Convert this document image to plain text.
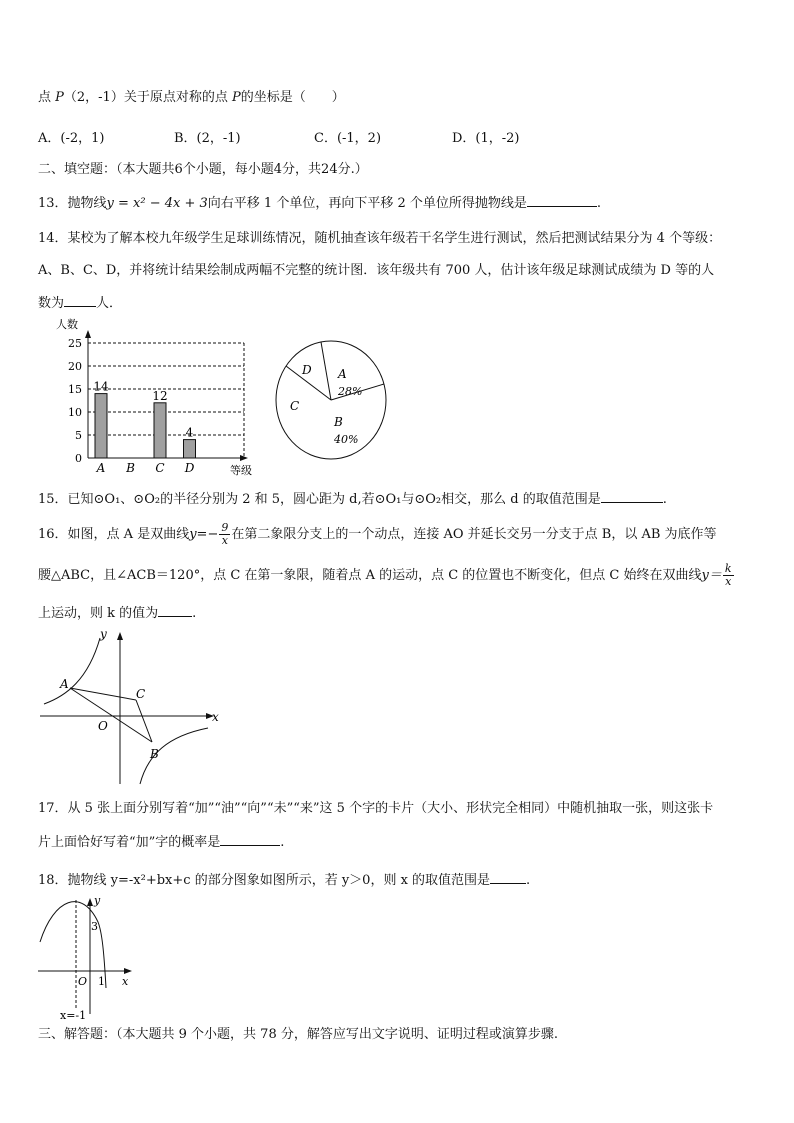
点 P（2，-1）关于原点对称的点 P的坐标是（　　）
A．(-2，1)	B．(2，-1)	C．(-1，2)	D．(1，-2)
二、填空题：（本大题共6个小题，每小题4分，共24分.）
13．抛物线y = x² − 4x + 3向右平移 1 个单位，再向下平移 2 个单位所得抛物线是	.
14．某校为了解本校九年级学生足球训练情况，随机抽查该年级若干名学生进行测试，然后把测试结果分为 4 个等级：
A、B、C、D，并将统计结果绘制成两幅不完整的统计图．该年级共有 700 人，估计该年级足球测试成绩为 D 等的人
数为 人．
人数
0
5
10
15
20
25
14
A B
12
C
4
D	等级
D A
28%
C
B
40%
15．已知⊙O₁、⊙O₂的半径分别为 2 和 5，圆心距为 d,若⊙O₁与⊙O₂相交，那么 d 的取值范围是	.
16．如图，点 A 是双曲线$y=- \frac{9}{x}$ 在第二象限分支上的一个动点，连接 AO 并延长交另一分支于点 B，以 AB 为底作等
腰△ABC，且∠ACB＝120°，点 C 在第一象限，随着点 A 的运动，点 C 的位置也不断变化，但点 C 始终在双曲线$y= \frac{k}{x}$
上运动，则 k 的值为	.
x
y
O
A
C
B
17．从 5 张上面分别写着“加”“油”“向”“未”“来”这 5 个字的卡片（大小、形状完全相同）中随机抽取一张，则这张卡
片上面恰好写着“加”字的概率是	.
18．抛物线 y=-x²+bx+c 的部分图象如图所示，若 y＞0，则 x 的取值范围是	.
y
3
O 1 x
x=-1
三、解答题：（本大题共 9 个小题，共 78 分，解答应写出文字说明、证明过程或演算步骤.
